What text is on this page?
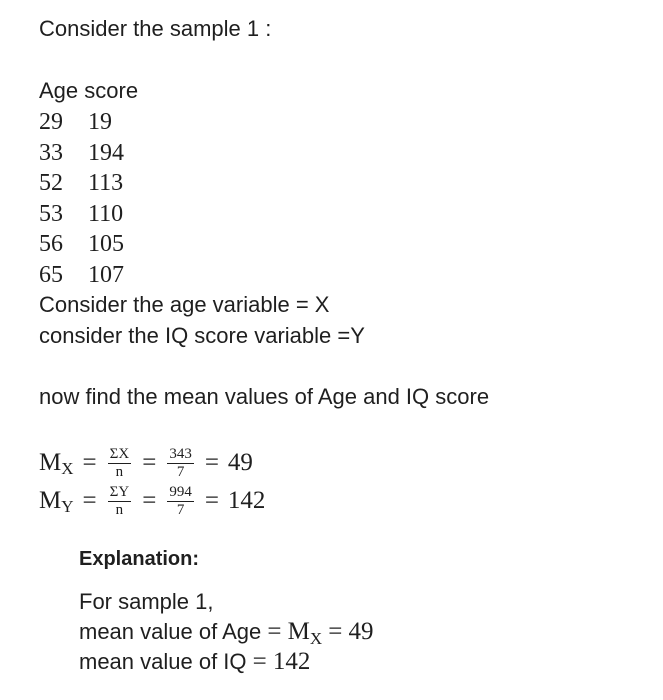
Consider the sample 1 :
Age score
29 19
33 194
52 113
53 110
56 105
65 107
Consider the age variable = X
consider the IQ score variable =Y
now find the mean values of Age and IQ score
M $X = \frac{\Sigma X}{n} = \frac{343}{7} = 49$
M $Y = \frac{\Sigma Y}{n} = \frac{994}{7} = 142$
Explanation:
For sample 1,
mean value of Age = $M_X = 49$
mean value of IQ = 142
